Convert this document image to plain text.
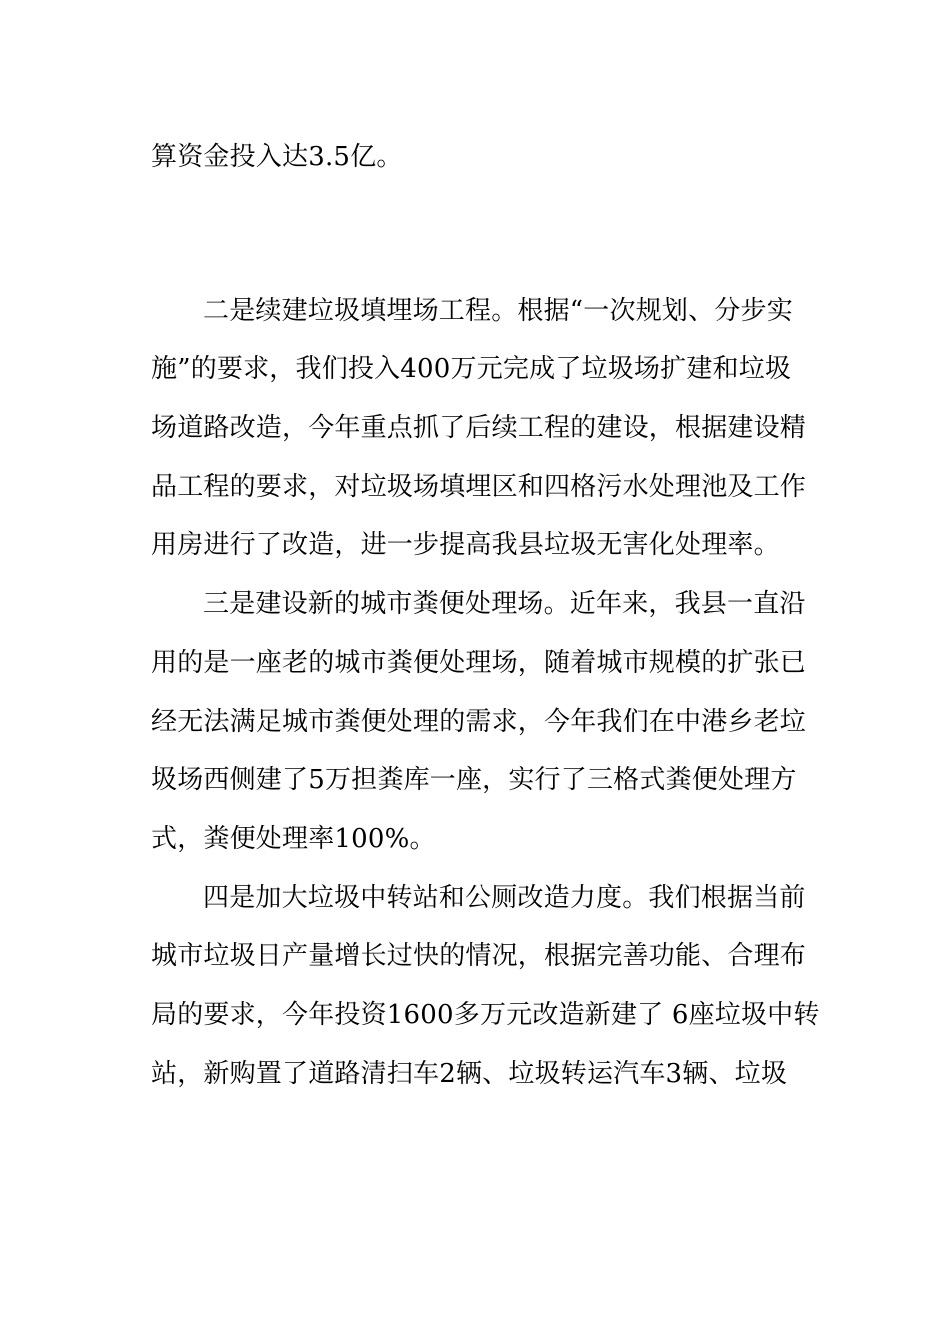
算资金投入达3.5亿。
二是续建垃圾填埋场工程。根据“一次规划、分步实
施”的要求，我们投入400万元完成了垃圾场扩建和垃圾
场道路改造，今年重点抓了后续工程的建设，根据建设精
品工程的要求，对垃圾场填埋区和四格污水处理池及工作
用房进行了改造，进一步提高我县垃圾无害化处理率。
三是建设新的城市粪便处理场。近年来，我县一直沿
用的是一座老的城市粪便处理场，随着城市规模的扩张已
经无法满足城市粪便处理的需求，今年我们在中港乡老垃
圾场西侧建了5万担粪库一座，实行了三格式粪便处理方
式，粪便处理率100%。
四是加大垃圾中转站和公厕改造力度。我们根据当前
城市垃圾日产量增长过快的情况，根据完善功能、合理布
局的要求，今年投资1600多万元改造新建了 6座垃圾中转
站，新购置了道路清扫车2辆、垃圾转运汽车3辆、垃圾
